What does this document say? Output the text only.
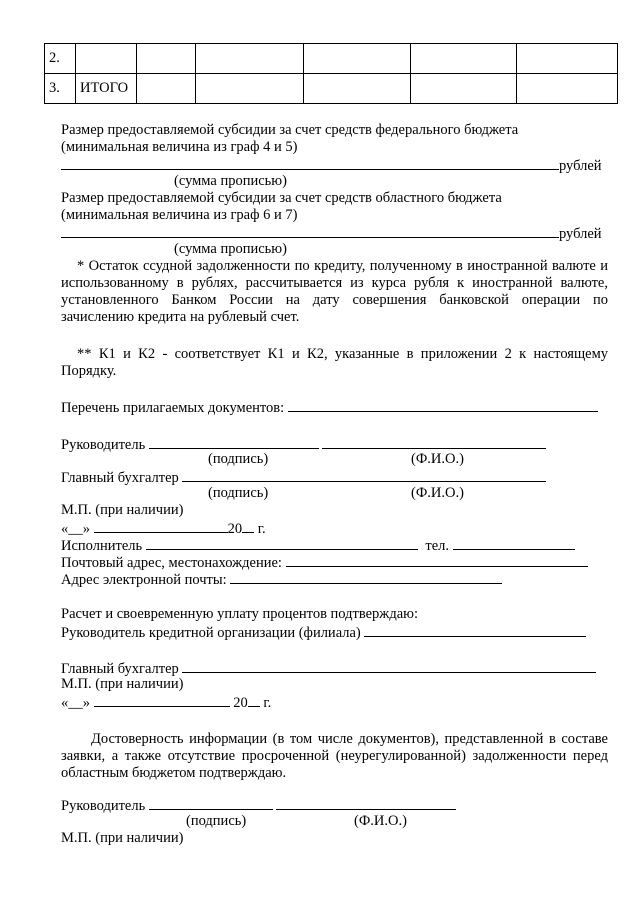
2.						
3.	ИТОГО					
Размер предоставляемой субсидии за счет средств федерального бюджета
(минимальная величина из граф 4 и 5)
рублей
(сумма прописью)
Размер предоставляемой субсидии за счет средств областного бюджета
(минимальная величина из граф 6 и 7)
рублей
(сумма прописью)
* Остаток ссудной задолженности по кредиту, полученному в иностранной валюте и использованному в рублях, рассчитывается из курса рубля к иностранной валюте, установленного Банком России на дату совершения банковской операции по зачислению кредита на рублевый счет.
** К1 и К2 - соответствует К1 и К2, указанные в приложении 2 к настоящему Порядку.
Перечень прилагаемых документов:
Руководитель
(подпись)	(Ф.И.О.)
Главный бухгалтер
(подпись)	(Ф.И.О.)
М.П. (при наличии)
«__»	20 г.
Исполнитель	тел.
Почтовый адрес, местонахождение:
Адрес электронной почты:
Расчет и своевременную уплату процентов подтверждаю:
Руководитель кредитной организации (филиала)
Главный бухгалтер
М.П. (при наличии)
«__»	20 г.
Достоверность информации (в том числе документов), представленной в составе заявки, а также отсутствие просроченной (неурегулированной) задолженности перед областным бюджетом подтверждаю.
Руководитель
(подпись)	(Ф.И.О.)
М.П. (при наличии)
